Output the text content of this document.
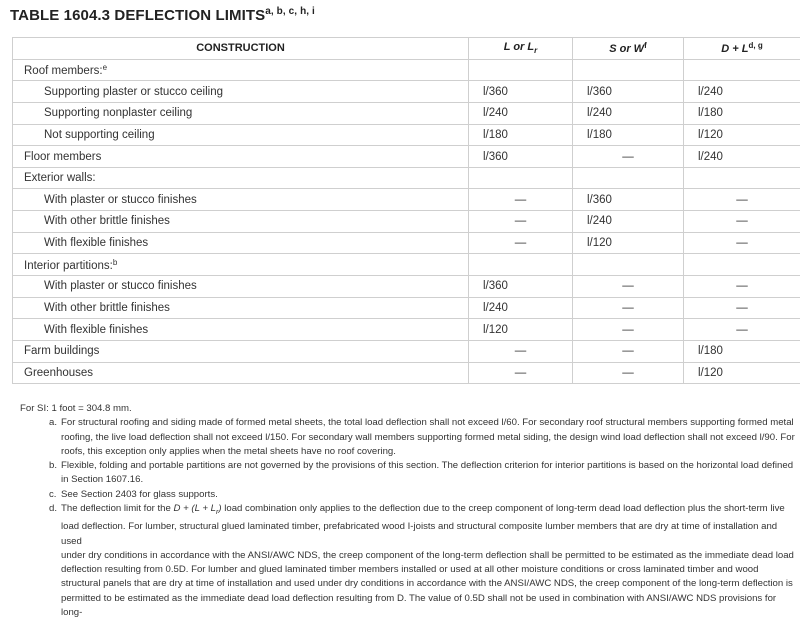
TABLE 1604.3 DEFLECTION LIMITS$^{a, b, c, h, i}$
CONSTRUCTION	L or $L_r$	S or $W^f$	D + L$^{d, g}$
Roof members:$^e$			
Supporting plaster or stucco ceiling	l/360	l/360	l/240
Supporting nonplaster ceiling	l/240	l/240	l/180
Not supporting ceiling	l/180	l/180	l/120
Floor members	l/360	—	l/240
Exterior walls:			
With plaster or stucco finishes	—	l/360	—
With other brittle finishes	—	l/240	—
With flexible finishes	—	l/120	—
Interior partitions:$^b$			
With plaster or stucco finishes	l/360	—	—
With other brittle finishes	l/240	—	—
With flexible finishes	l/120	—	—
Farm buildings	—	—	l/180
Greenhouses	—	—	l/120
For SI: 1 foot = 304.8 mm.
a. For structural roofing and siding made of formed metal sheets, the total load deflection shall not exceed l/60. For secondary roof structural members supporting formed metal
roofing, the live load deflection shall not exceed l/150. For secondary wall members supporting formed metal siding, the design wind load deflection shall not exceed l/90. For
roofs, this exception only applies when the metal sheets have no roof covering.
b. Flexible, folding and portable partitions are not governed by the provisions of this section. The deflection criterion for interior partitions is based on the horizontal load defined
in Section 1607.16.
c. See Section 2403 for glass supports.
d. The deflection limit for the $D + (L + L_r)$ load combination only applies to the deflection due to the creep component of long-term dead load deflection plus the short-term live
load deflection. For lumber, structural glued laminated timber, prefabricated wood I-joists and structural composite lumber members that are dry at time of installation and used
under dry conditions in accordance with the ANSI/AWC NDS, the creep component of the long-term deflection shall be permitted to be estimated as the immediate dead load
deflection resulting from 0.5D. For lumber and glued laminated timber members installed or used at all other moisture conditions or cross laminated timber and wood
structural panels that are dry at time of installation and used under dry conditions in accordance with the ANSI/AWC NDS, the creep component of the long-term deflection is
permitted to be estimated as the immediate dead load deflection resulting from D. The value of 0.5D shall not be used in combination with ANSI/AWC NDS provisions for long-
